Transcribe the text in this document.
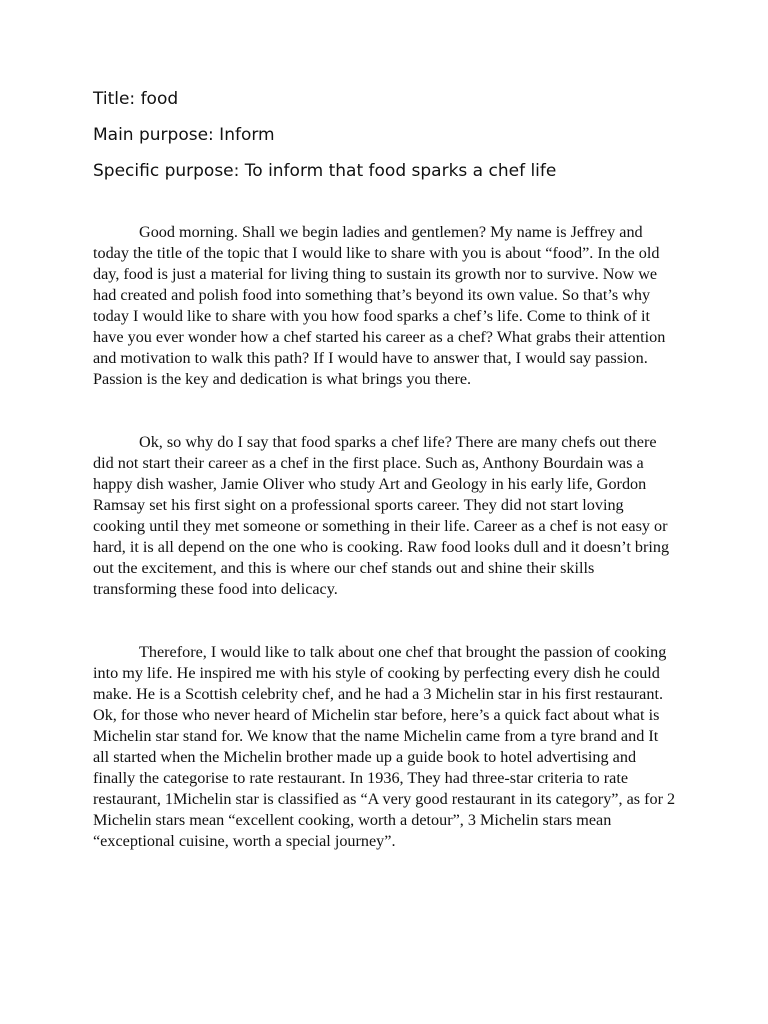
Title: food
Main purpose: Inform
Specific purpose: To inform that food sparks a chef life

Good morning. Shall we begin ladies and gentlemen? My name is Jeffrey and today the title of the topic that I would like to share with you is about “food”. In the old day, food is just a material for living thing to sustain its growth nor to survive. Now we had created and polish food into something that’s beyond its own value. So that’s why today I would like to share with you how food sparks a chef’s life. Come to think of it have you ever wonder how a chef started his career as a chef? What grabs their attention and motivation to walk this path? If I would have to answer that, I would say passion. Passion is the key and dedication is what brings you there.

Ok, so why do I say that food sparks a chef life? There are many chefs out there did not start their career as a chef in the first place. Such as, Anthony Bourdain was a happy dish washer, Jamie Oliver who study Art and Geology in his early life, Gordon Ramsay set his first sight on a professional sports career. They did not start loving cooking until they met someone or something in their life. Career as a chef is not easy or hard, it is all depend on the one who is cooking. Raw food looks dull and it doesn’t bring out the excitement, and this is where our chef stands out and shine their skills transforming these food into delicacy.

Therefore, I would like to talk about one chef that brought the passion of cooking into my life. He inspired me with his style of cooking by perfecting every dish he could make. He is a Scottish celebrity chef, and he had a 3 Michelin star in his first restaurant. Ok, for those who never heard of Michelin star before, here’s a quick fact about what is Michelin star stand for. We know that the name Michelin came from a tyre brand and It all started when the Michelin brother made up a guide book to hotel advertising and finally the categorise to rate restaurant. In 1936, They had three-star criteria to rate restaurant, 1Michelin star is classified as “A very good restaurant in its category”, as for 2 Michelin stars mean “excellent cooking, worth a detour”, 3 Michelin stars mean “exceptional cuisine, worth a special journey”.
